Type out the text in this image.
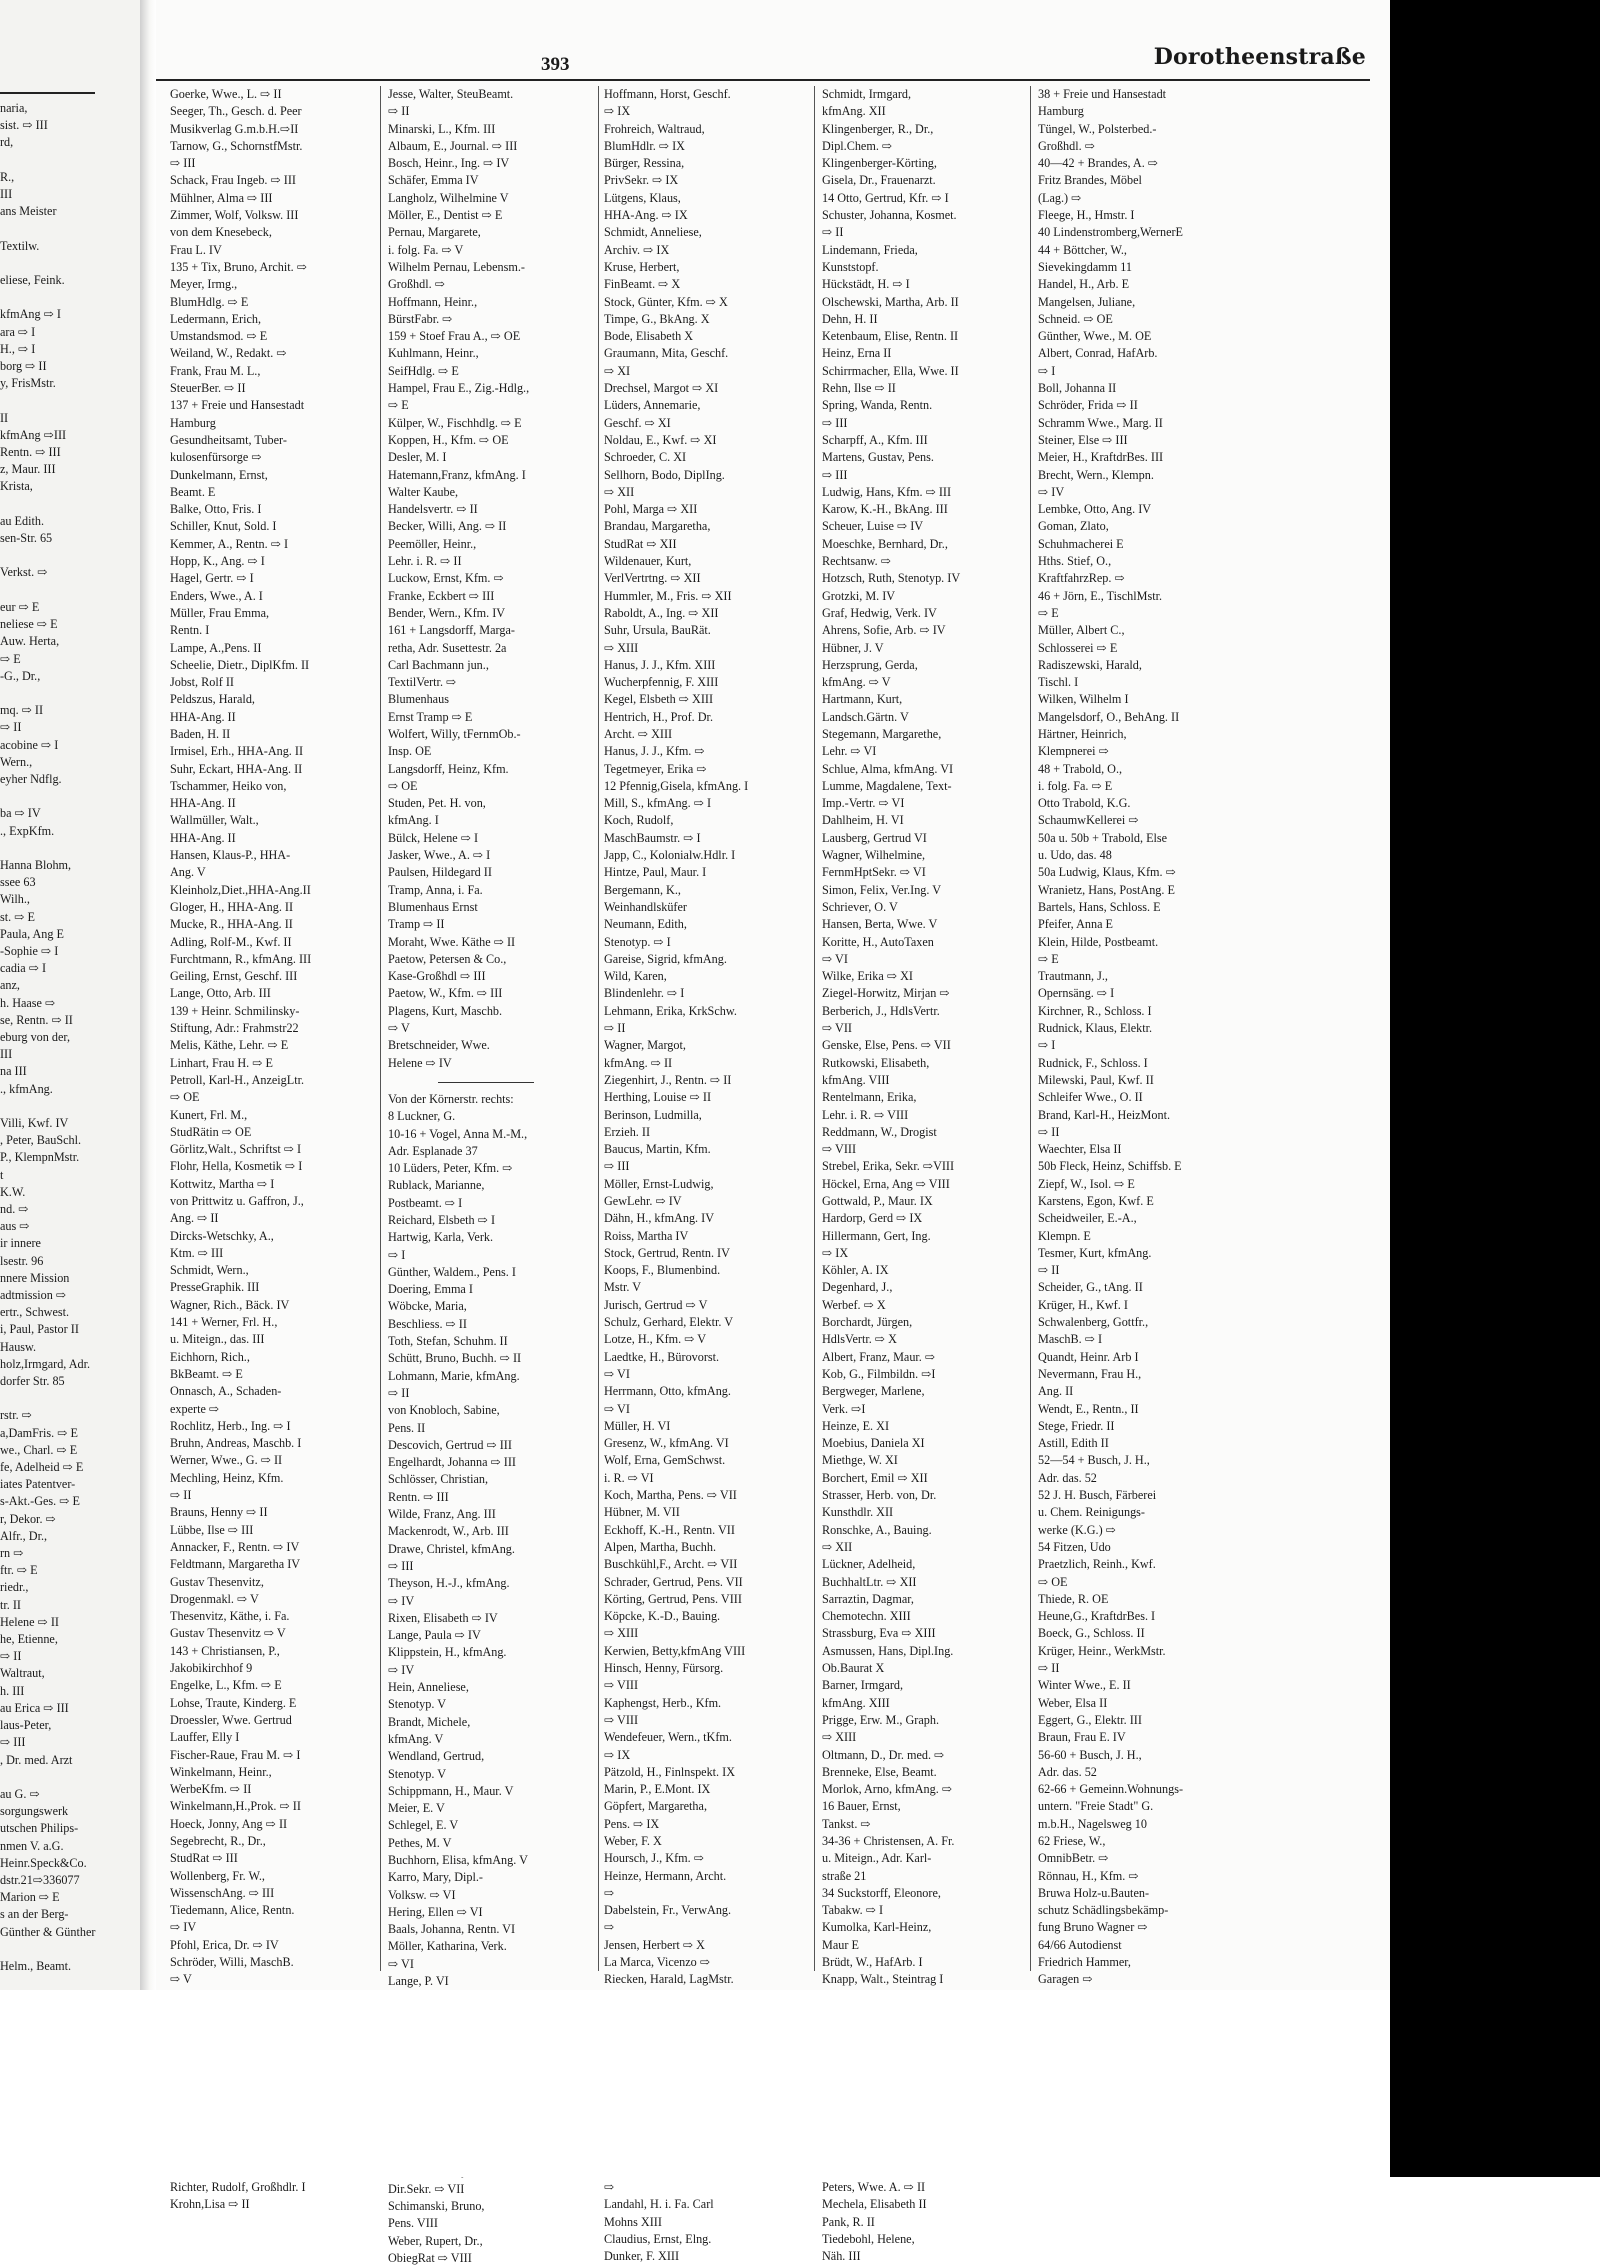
naria,
sist. ⇨ III
rd,

R.,
III
ans Meister

Textilw.

eliese, Feink.

kfmAng ⇨ I
ara ⇨ I
H., ⇨ I
borg ⇨ II
y, FrisMstr.

II
kfmAng ⇨III
Rentn. ⇨ III
z, Maur. III
Krista,

au Edith.
sen-Str. 65

Verkst. ⇨

eur ⇨ E
neliese ⇨ E
Auw. Herta,
⇨ E
-G., Dr.,

mq. ⇨ II
⇨ II
acobine ⇨ I
Wern.,
eyher Ndflg.

ba ⇨ IV
., ExpKfm.

Hanna Blohm,
ssee 63
Wilh.,
st. ⇨ E
Paula, Ang E
-Sophie ⇨ I
cadia ⇨ I
anz,
h. Haase ⇨
se, Rentn. ⇨ II
eburg von der,
III
na III
., kfmAng.

Villi, Kwf. IV
, Peter, BauSchl.
P., KlempnMstr.
t
K.W.
nd. ⇨
aus ⇨
ir innere
lsestr. 96
nnere Mission
adtmission ⇨
ertr., Schwest.
i, Paul, Pastor II
Hausw.
holz,Irmgard, Adr.
dorfer Str. 85

rstr. ⇨
a,DamFris. ⇨ E
we., Charl. ⇨ E
fe, Adelheid ⇨ E
iates Patentver-
s-Akt.-Ges. ⇨ E
r, Dekor. ⇨
Alfr., Dr.,
rn ⇨
ftr. ⇨ E
riedr.,
tr. II
Helene ⇨ II
he, Etienne,
⇨ II
Waltraut,
h. III
au Erica ⇨ III
laus-Peter,
⇨ III
, Dr. med. Arzt

au G. ⇨
sorgungswerk
utschen Philips-
nmen V. a.G.
Heinr.Speck&Co.
dstr.21⇨336077
Marion ⇨ E
s an der Berg-
Günther & Günther

Helm., Beamt.

393	Dorotheenstraße
Goerke, Wwe., L. ⇨ II
Seeger, Th., Gesch. d. Peer
Musikverlag G.m.b.H.⇨II
Tarnow, G., SchornstfMstr.
⇨ III
Schack, Frau Ingeb. ⇨ III
Mühlner, Alma ⇨ III
Zimmer, Wolf, Volksw. III
von dem Knesebeck,
Frau L. IV
135 + Tix, Bruno, Archit. ⇨
Meyer, Irmg.,
BlumHdlg. ⇨ E
Ledermann, Erich,
Umstandsmod. ⇨ E
Weiland, W., Redakt. ⇨
Frank, Frau M. L.,
SteuerBer. ⇨ II
137 + Freie und Hansestadt
Hamburg
Gesundheitsamt, Tuber-
kulosenfürsorge ⇨
Dunkelmann, Ernst,
Beamt. E
Balke, Otto, Fris. I
Schiller, Knut, Sold. I
Kemmer, A., Rentn. ⇨ I
Hopp, K., Ang. ⇨ I
Hagel, Gertr. ⇨ I
Enders, Wwe., A. I
Müller, Frau Emma,
Rentn. I
Lampe, A.,Pens. II
Scheelie, Dietr., DiplKfm. II
Jobst, Rolf II
Peldszus, Harald,
HHA-Ang. II
Baden, H. II
Irmisel, Erh., HHA-Ang. II
Suhr, Eckart, HHA-Ang. II
Tschammer, Heiko von,
HHA-Ang. II
Wallmüller, Walt.,
HHA-Ang. II
Hansen, Klaus-P., HHA-
Ang. V
Kleinholz,Diet.,HHA-Ang.II
Gloger, H., HHA-Ang. II
Mucke, R., HHA-Ang. II
Adling, Rolf-M., Kwf. II
Furchtmann, R., kfmAng. III
Geiling, Ernst, Geschf. III
Lange, Otto, Arb. III
139 + Heinr. Schmilinsky-
Stiftung, Adr.: Frahmstr22
Melis, Käthe, Lehr. ⇨ E
Linhart, Frau H. ⇨ E
Petroll, Karl-H., AnzeigLtr.
⇨ OE
Kunert, Frl. M.,
StudRätin ⇨ OE
Görlitz,Walt., Schriftst ⇨ I
Flohr, Hella, Kosmetik ⇨ I
Kottwitz, Martha ⇨ I
von Prittwitz u. Gaffron, J.,
Ang. ⇨ II
Dircks-Wetschky, A.,
Ktm. ⇨ III
Schmidt, Wern.,
PresseGraphik. III
Wagner, Rich., Bäck. IV
141 + Werner, Frl. H.,
u. Miteign., das. III
Eichhorn, Rich.,
BkBeamt. ⇨ E
Onnasch, A., Schaden-
experte ⇨
Rochlitz, Herb., Ing. ⇨ I
Bruhn, Andreas, Maschb. I
Werner, Wwe., G. ⇨ II
Mechling, Heinz, Kfm.
⇨ II
Brauns, Henny ⇨ II
Lübbe, Ilse ⇨ III
Annacker, F., Rentn. ⇨ IV
Feldtmann, Margaretha IV
Gustav Thesenvitz,
Drogenmakl. ⇨ V
Thesenvitz, Käthe, i. Fa.
Gustav Thesenvitz ⇨ V
143 + Christiansen, P.,
Jakobikirchhof 9
Engelke, L., Kfm. ⇨ E
Lohse, Traute, Kinderg. E
Droessler, Wwe. Gertrud
Lauffer, Elly I
Fischer-Raue, Frau M. ⇨ I
Winkelmann, Heinr.,
WerbeKfm. ⇨ II
Winkelmann,H.,Prok. ⇨ II
Hoeck, Jonny, Ang ⇨ II
Segebrecht, R., Dr.,
StudRat ⇨ III
Wollenberg, Fr. W.,
WissenschAng. ⇨ III
Tiedemann, Alice, Rentn.
⇨ IV
Pfohl, Erica, Dr. ⇨ IV
Schröder, Willi, MaschB.
⇨ V
Richter, Rudolf, Großhdlr. I
Krohn,Lisa ⇨ II
Jesse, Walter, SteuBeamt.
⇨ II
Minarski, L., Kfm. III
Albaum, E., Journal. ⇨ III
Bosch, Heinr., Ing. ⇨ IV
Schäfer, Emma IV
Langholz, Wilhelmine V
Möller, E., Dentist ⇨ E
Pernau, Margarete,
i. folg. Fa. ⇨ V
Wilhelm Pernau, Lebensm.-
Großhdl. ⇨
Hoffmann, Heinr.,
BürstFabr. ⇨
159 + Stoef Frau A., ⇨ OE
Kuhlmann, Heinr.,
SeifHdlg. ⇨ E
Hampel, Frau E., Zig.-Hdlg.,
⇨ E
Külper, W., Fischhdlg. ⇨ E
Koppen, H., Kfm. ⇨ OE
Desler, M. I
Hatemann,Franz, kfmAng. I
Walter Kaube,
Handelsvertr. ⇨ II
Becker, Willi, Ang. ⇨ II
Peemöller, Heinr.,
Lehr. i. R. ⇨ II
Luckow, Ernst, Kfm. ⇨
Franke, Eckbert ⇨ III
Bender, Wern., Kfm. IV
161 + Langsdorff, Marga-
retha, Adr. Susettestr. 2a
Carl Bachmann jun.,
TextilVertr. ⇨
Blumenhaus
Ernst Tramp ⇨ E
Wolfert, Willy, tFernmOb.-
Insp. OE
Langsdorff, Heinz, Kfm.
⇨ OE
Studen, Pet. H. von,
kfmAng. I
Bülck, Helene ⇨ I
Jasker, Wwe., A. ⇨ I
Paulsen, Hildegard II
Tramp, Anna, i. Fa.
Blumenhaus Ernst
Tramp ⇨ II
Moraht, Wwe. Käthe ⇨ II
Paetow, Petersen & Co.,
Kase-Großhdl ⇨ III
Paetow, W., Kfm. ⇨ III
Plagens, Kurt, Maschb.
⇨ V
Bretschneider, Wwe.
Helene ⇨ IV
Von der Körnerstr. rechts:
8 Luckner, G.
10-16 + Vogel, Anna M.-M.,
Adr. Esplanade 37
10 Lüders, Peter, Kfm. ⇨
Rublack, Marianne,
Postbeamt. ⇨ I
Reichard, Elsbeth ⇨ I
Hartwig, Karla, Verk.
⇨ I
Günther, Waldem., Pens. I
Doering, Emma I
Wöbcke, Maria,
Beschliess. ⇨ II
Toth, Stefan, Schuhm. II
Schütt, Bruno, Buchh. ⇨ II
Lohmann, Marie, kfmAng.
⇨ II
von Knobloch, Sabine,
Pens. II
Descovich, Gertrud ⇨ III
Engelhardt, Johanna ⇨ III
Schlösser, Christian,
Rentn. ⇨ III
Wilde, Franz, Ang. III
Mackenrodt, W., Arb. III
Drawe, Christel, kfmAng.
⇨ III
Theyson, H.-J., kfmAng.
⇨ IV
Rixen, Elisabeth ⇨ IV
Lange, Paula ⇨ IV
Klippstein, H., kfmAng.
⇨ IV
Hein, Anneliese,
Stenotyp. V
Brandt, Michele,
kfmAng. V
Wendland, Gertrud,
Stenotyp. V
Schippmann, H., Maur. V
Meier, E. V
Schlegel, E. V
Pethes, M. V
Buchhorn, Elisa, kfmAng. V
Karro, Mary, Dipl.-
Volksw. ⇨ VI
Hering, Ellen ⇨ VI
Baals, Johanna, Rentn. VI
Möller, Katharina, Verk.
⇨ VI
Lange, P. VI
Dir.Sekr. ⇨ VII
Schimanski, Bruno,
Pens. VIII
Weber, Rupert, Dr.,
ObiegRat ⇨ VIII
Hoffmann, Horst, Geschf.
⇨ IX
Frohreich, Waltraud,
BlumHdlr. ⇨ IX
Bürger, Ressina,
PrivSekr. ⇨ IX
Lütgens, Klaus,
HHA-Ang. ⇨ IX
Schmidt, Anneliese,
Archiv. ⇨ IX
Kruse, Herbert,
FinBeamt. ⇨ X
Stock, Günter, Kfm. ⇨ X
Timpe, G., BkAng. X
Bode, Elisabeth X
Graumann, Mita, Geschf.
⇨ XI
Drechsel, Margot ⇨ XI
Lüders, Annemarie,
Geschf. ⇨ XI
Noldau, E., Kwf. ⇨ XI
Schroeder, C. XI
Sellhorn, Bodo, DiplIng.
⇨ XII
Pohl, Marga ⇨ XII
Brandau, Margaretha,
StudRat ⇨ XII
Wildenauer, Kurt,
VerlVertrtng. ⇨ XII
Hummler, M., Fris. ⇨ XII
Raboldt, A., Ing. ⇨ XII
Suhr, Ursula, BauRät.
⇨ XIII
Hanus, J. J., Kfm. XIII
Wucherpfennig, F. XIII
Kegel, Elsbeth ⇨ XIII
Hentrich, H., Prof. Dr.
Archt. ⇨ XIII
Hanus, J. J., Kfm. ⇨
Tegetmeyer, Erika ⇨
12 Pfennig,Gisela, kfmAng. I
Mill, S., kfmAng. ⇨ I
Koch, Rudolf,
MaschBaumstr. ⇨ I
Japp, C., Kolonialw.Hdlr. I
Hintze, Paul, Maur. I
Bergemann, K.,
Weinhandlsküfer
Neumann, Edith,
Stenotyp. ⇨ I
Gareise, Sigrid, kfmAng.
Wild, Karen,
Blindenlehr. ⇨ I
Lehmann, Erika, KrkSchw.
⇨ II
Wagner, Margot,
kfmAng. ⇨ II
Ziegenhirt, J., Rentn. ⇨ II
Herthing, Louise ⇨ II
Berinson, Ludmilla,
Erzieh. II
Baucus, Martin, Kfm.
⇨ III
Möller, Ernst-Ludwig,
GewLehr. ⇨ IV
Dähn, H., kfmAng. IV
Roiss, Martha IV
Stock, Gertrud, Rentn. IV
Koops, F., Blumenbind.
Mstr. V
Jurisch, Gertrud ⇨ V
Schulz, Gerhard, Elektr. V
Lotze, H., Kfm. ⇨ V
Laedtke, H., Bürovorst.
⇨ VI
Herrmann, Otto, kfmAng.
⇨ VI
Müller, H. VI
Gresenz, W., kfmAng. VI
Wolf, Erna, GemSchwst.
i. R. ⇨ VI
Koch, Martha, Pens. ⇨ VII
Hübner, M. VII
Eckhoff, K.-H., Rentn. VII
Alpen, Martha, Buchh.
Buschkühl,F., Archt. ⇨ VII
Schrader, Gertrud, Pens. VII
Körting, Gertrud, Pens. VIII
Köpcke, K.-D., Bauing.
⇨ XIII
Kerwien, Betty,kfmAng VIII
Hinsch, Henny, Fürsorg.
⇨ VIII
Kaphengst, Herb., Kfm.
⇨ VIII
Wendefeuer, Wern., tKfm.
⇨ IX
Pätzold, H., Finlnspekt. IX
Marin, P., E.Mont. IX
Göpfert, Margaretha,
Pens. ⇨ IX
Weber, F. X
Hoursch, J., Kfm. ⇨
Heinze, Hermann, Archt.
⇨
Dabelstein, Fr., VerwAng.
⇨
Jensen, Herbert ⇨ X
La Marca, Vicenzo ⇨
Riecken, Harald, LagMstr.
⇨
Landahl, H. i. Fa. Carl
Mohns XIII
Claudius, Ernst, Elng.
Dunker, F. XIII
Schmidt, Irmgard,
kfmAng. XII
Klingenberger, R., Dr.,
Dipl.Chem. ⇨
Klingenberger-Körting,
Gisela, Dr., Frauenarzt.
14 Otto, Gertrud, Kfr. ⇨ I
Schuster, Johanna, Kosmet.
⇨ II
Lindemann, Frieda,
Kunststopf.
Hückstädt, H. ⇨ I
Olschewski, Martha, Arb. II
Dehn, H. II
Ketenbaum, Elise, Rentn. II
Heinz, Erna II
Schirrmacher, Ella, Wwe. II
Rehn, Ilse ⇨ II
Spring, Wanda, Rentn.
⇨ III
Scharpff, A., Kfm. III
Martens, Gustav, Pens.
⇨ III
Ludwig, Hans, Kfm. ⇨ III
Karow, K.-H., BkAng. III
Scheuer, Luise ⇨ IV
Moeschke, Bernhard, Dr.,
Rechtsanw. ⇨
Hotzsch, Ruth, Stenotyp. IV
Grotzki, M. IV
Graf, Hedwig, Verk. IV
Ahrens, Sofie, Arb. ⇨ IV
Hübner, J. V
Herzsprung, Gerda,
kfmAng. ⇨ V
Hartmann, Kurt,
Landsch.Gärtn. V
Stegemann, Margarethe,
Lehr. ⇨ VI
Schlue, Alma, kfmAng. VI
Lumme, Magdalene, Text-
Imp.-Vertr. ⇨ VI
Dahlheim, H. VI
Lausberg, Gertrud VI
Wagner, Wilhelmine,
FernmHptSekr. ⇨ VI
Simon, Felix, Ver.Ing. V
Schriever, O. V
Hansen, Berta, Wwe. V
Koritte, H., AutoTaxen
⇨ VI
Wilke, Erika ⇨ XI
Ziegel-Horwitz, Mirjan ⇨
Berberich, J., HdlsVertr.
⇨ VII
Genske, Else, Pens. ⇨ VII
Rutkowski, Elisabeth,
kfmAng. VIII
Rentelmann, Erika,
Lehr. i. R. ⇨ VIII
Reddmann, W., Drogist
⇨ VIII
Strebel, Erika, Sekr. ⇨VIII
Höckel, Erna, Ang ⇨ VIII
Gottwald, P., Maur. IX
Hardorp, Gerd ⇨ IX
Hillermann, Gert, Ing.
⇨ IX
Köhler, A. IX
Degenhard, J.,
Werbef. ⇨ X
Borchardt, Jürgen,
HdlsVertr. ⇨ X
Albert, Franz, Maur. ⇨
Kob, G., Filmbildn. ⇨I
Bergweger, Marlene,
Verk. ⇨I
Heinze, E. XI
Moebius, Daniela XI
Miethge, W. XI
Borchert, Emil ⇨ XII
Strasser, Herb. von, Dr.
Kunsthdlr. XII
Ronschke, A., Bauing.
⇨ XII
Lückner, Adelheid,
BuchhaltLtr. ⇨ XII
Sarraztin, Dagmar,
Chemotechn. XIII
Strassburg, Eva ⇨ XIII
Asmussen, Hans, Dipl.Ing.
Ob.Baurat X
Barner, Irmgard,
kfmAng. XIII
Prigge, Erw. M., Graph.
⇨ XIII
Oltmann, D., Dr. med. ⇨
Brenneke, Else, Beamt.
Morlok, Arno, kfmAng. ⇨
16 Bauer, Ernst,
Tankst. ⇨
34-36 + Christensen, A. Fr.
u. Miteign., Adr. Karl-
straße 21
34 Suckstorff, Eleonore,
Tabakw. ⇨ I
Kumolka, Karl-Heinz,
Maur E
Brüdt, W., HafArb. I
Knapp, Walt., Steintrag I
Peters, Wwe. A. ⇨ II
Mechela, Elisabeth II
Pank, R. II
Tiedebohl, Helene,
Näh. III
38 + Freie und Hansestadt
Hamburg
Tüngel, W., Polsterbed.-
Großhdl. ⇨
40—42 + Brandes, A. ⇨
Fritz Brandes, Möbel
(Lag.) ⇨
Fleege, H., Hmstr. I
40 Lindenstromberg,WernerE
44 + Böttcher, W.,
Sievekingdamm 11
Handel, H., Arb. E
Mangelsen, Juliane,
Schneid. ⇨ OE
Günther, Wwe., M. OE
Albert, Conrad, HafArb.
⇨ I
Boll, Johanna II
Schröder, Frida ⇨ II
Schramm Wwe., Marg. II
Steiner, Else ⇨ III
Meier, H., KraftdrBes. III
Brecht, Wern., Klempn.
⇨ IV
Lembke, Otto, Ang. IV
Goman, Zlato,
Schuhmacherei E
Hths. Stief, O.,
KraftfahrzRep. ⇨
46 + Jörn, E., TischlMstr.
⇨ E
Müller, Albert C.,
Schlosserei ⇨ E
Radiszewski, Harald,
Tischl. I
Wilken, Wilhelm I
Mangelsdorf, O., BehAng. II
Härtner, Heinrich,
Klempnerei ⇨
48 + Trabold, O.,
i. folg. Fa. ⇨ E
Otto Trabold, K.G.
SchaumwKellerei ⇨
50a u. 50b + Trabold, Else
u. Udo, das. 48
50a Ludwig, Klaus, Kfm. ⇨
Wranietz, Hans, PostAng. E
Bartels, Hans, Schloss. E
Pfeifer, Anna E
Klein, Hilde, Postbeamt.
⇨ E
Trautmann, J.,
Opernsäng. ⇨ I
Kirchner, R., Schloss. I
Rudnick, Klaus, Elektr.
⇨ I
Rudnick, F., Schloss. I
Milewski, Paul, Kwf. II
Schleifer Wwe., O. II
Brand, Karl-H., HeizMont.
⇨ II
Waechter, Elsa II
50b Fleck, Heinz, Schiffsb. E
Ziepf, W., Isol. ⇨ E
Karstens, Egon, Kwf. E
Scheidweiler, E.-A.,
Klempn. E
Tesmer, Kurt, kfmAng.
⇨ II
Scheider, G., tAng. II
Krüger, H., Kwf. I
Schwalenberg, Gottfr.,
MaschB. ⇨ I
Quandt, Heinr. Arb I
Nevermann, Frau H.,
Ang. II
Wendt, E., Rentn., II
Stege, Friedr. II
Astill, Edith II
52—54 + Busch, J. H.,
Adr. das. 52
52 J. H. Busch, Färberei
u. Chem. Reinigungs-
werke (K.G.) ⇨
54 Fitzen, Udo
Praetzlich, Reinh., Kwf.
⇨ OE
Thiede, R. OE
Heune,G., KraftdrBes. I
Boeck, G., Schloss. II
Krüger, Heinr., WerkMstr.
⇨ II
Winter Wwe., E. II
Weber, Elsa II
Eggert, G., Elektr. III
Braun, Frau E. IV
56-60 + Busch, J. H.,
Adr. das. 52
62-66 + Gemeinn.Wohnungs-
untern. "Freie Stadt" G.
m.b.H., Nagelsweg 10
62 Friese, W.,
OmnibBetr. ⇨
Rönnau, H., Kfm. ⇨
Bruwa Holz-u.Bauten-
schutz Schädlingsbekämp-
fung Bruno Wagner ⇨
64/66 Autodienst
Friedrich Hammer,
Garagen ⇨
